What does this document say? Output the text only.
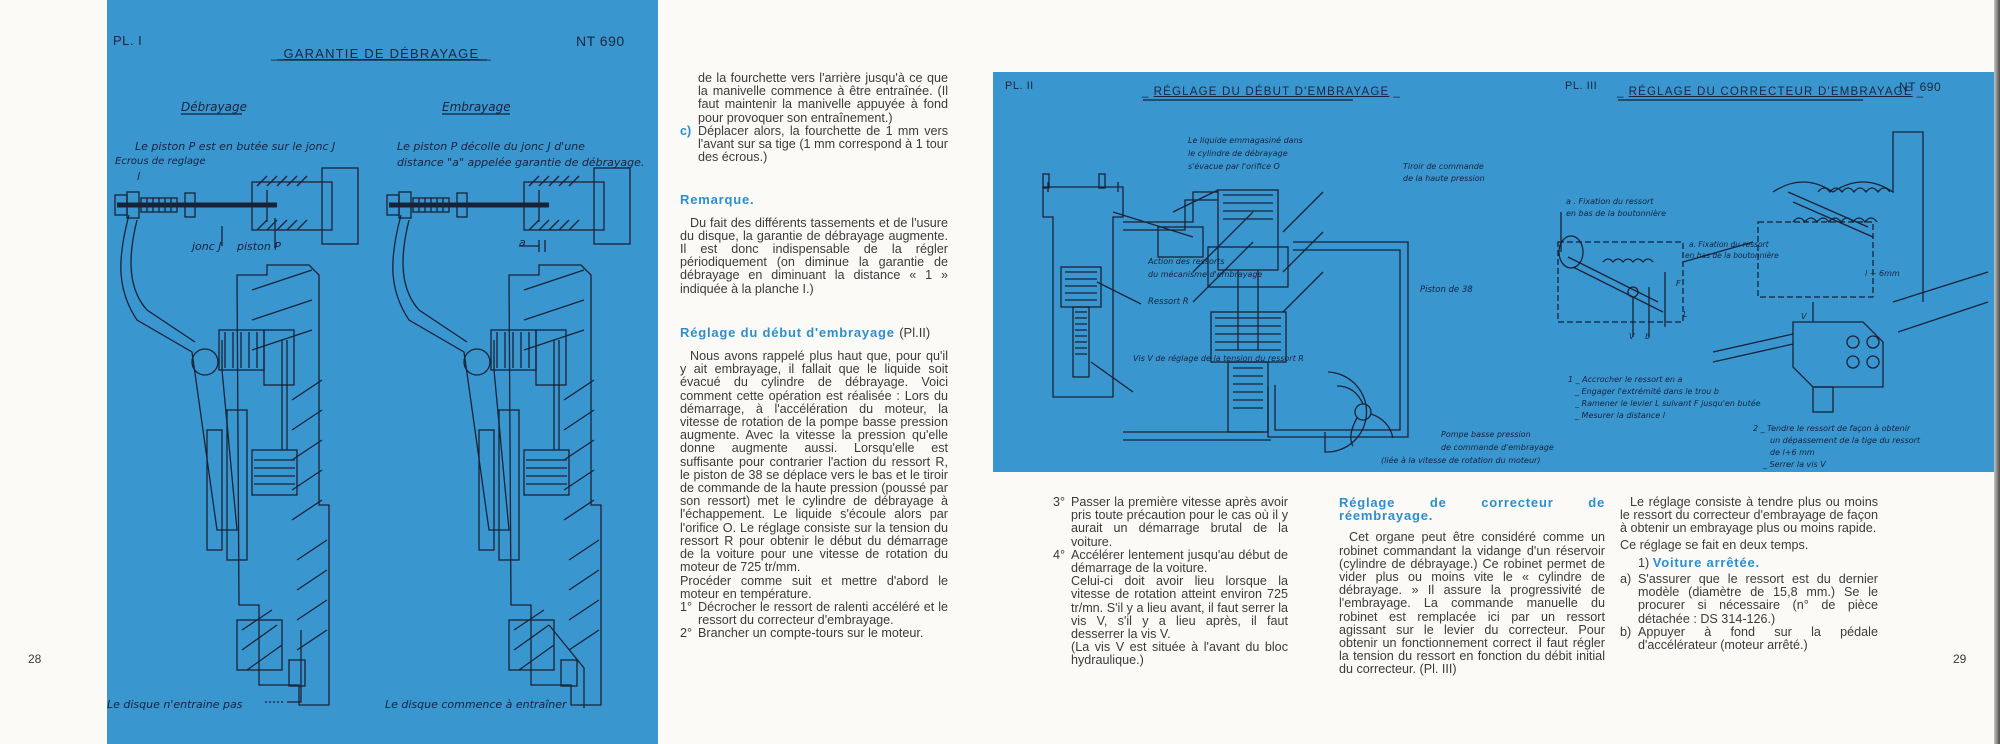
28
PL. I	NT 690
_ GARANTIE DE DÉBRAYAGE _
Débrayage	Embrayage
Le piston P est en butée sur le jonc J
Ecrous de reglage
l
jonc J piston P
Le piston P décolle du jonc J d'une
distance "a" appelée garantie de débrayage.
a
Le disque n'entraine pas	Le disque commence à entraîner

de la fourchette vers l'arrière jusqu'à ce que la manivelle commence à être entraînée. (Il faut maintenir la manivelle appuyée à fond pour provoquer son entraînement.)

c) Déplacer alors, la fourchette de 1 mm vers l'avant sur sa tige (1 mm correspond à 1 tour des écrous.)

Remarque.

Du fait des différents tassements et de l'usure du disque, la garantie de débrayage augmente. Il est donc indispensable de la régler périodiquement (on diminue la garantie de débrayage en diminuant la distance « 1 » indiquée à la planche I.)

Réglage du début d'embrayage (Pl.II)

Nous avons rappelé plus haut que, pour qu'il y ait embrayage, il fallait que le liquide soit évacué du cylindre de débrayage. Voici comment cette opération est réalisée : Lors du démarrage, à l'accélération du moteur, la vitesse de rotation de la pompe basse pression augmente. Avec la vitesse la pression qu'elle donne augmente aussi. Lorsqu'elle est suffisante pour contrarier l'action du ressort R, le piston de 38 se déplace vers le bas et le tiroir de commande de la haute pression (poussé par son ressort) met le cylindre de débrayage à l'échappement. Le liquide s'écoule alors par l'orifice O. Le réglage consiste sur la tension du ressort R pour obtenir le début du démarrage de la voiture pour une vitesse de rotation du moteur de 725 tr/mm.

Procéder comme suit et mettre d'abord le moteur en température.

1° Décrocher le ressort de ralenti accéléré et le ressort du correcteur d'embrayage.
2° Brancher un compte-tours sur le moteur.
PL. II	_ RÉGLAGE DU DÉBUT D'EMBRAYAGE _
Le liquide emmagasiné dans
le cylindre de débrayage
s'évacue par l'orifice O	Tiroir de commande
de la haute pression
Action des ressorts
du mécanisme d'embrayage
Ressort R
Piston de 38
Vis V de réglage de la tension du ressort R
Pompe basse pression
de commande d'embrayage
(liée à la vitesse de rotation du moteur)
PL. III	NT 690
_ RÉGLAGE DU CORRECTEUR D'EMBRAYAGE _
a . Fixation du ressort
en bas de la boutonnière
a. Fixation du ressort
en bas de la boutonnière
l + 6mm
F
L
V b
V
1 _ Accrocher le ressort en a
_ Engager l'extrémité dans le trou b
_ Ramener le levier L suivant F jusqu'en butée
_ Mesurer la distance l
2 _ Tendre le ressort de façon à obtenir
un dépassement de la tige du ressort
de l+6 mm
_ Serrer la vis V
3° Passer la première vitesse après avoir pris toute précaution pour le cas où il y aurait un démarrage brutal de la voiture.
4° Accélérer lentement jusqu'au début de démarrage de la voiture.

Celui-ci doit avoir lieu lorsque la vitesse de rotation atteint environ 725 tr/mn. S'il y a lieu avant, il faut serrer la vis V, s'il y a lieu après, il faut desserrer la vis V.

(La vis V est située à l'avant du bloc hydraulique.)

Réglage de correcteur de réembrayage.

Cet organe peut être considéré comme un robinet commandant la vidange d'un réservoir (cylindre de débrayage.) Ce robinet permet de vider plus ou moins vite le « cylindre de débrayage. » Il assure la progressivité de l'embrayage. La commande manuelle du robinet est remplacée ici par un ressort agissant sur le levier du correcteur. Pour obtenir un fonctionnement correct il faut régler la tension du ressort en fonction du débit initial du correcteur. (Pl. III)

Le réglage consiste à tendre plus ou moins le ressort du correcteur d'embrayage de façon à obtenir un embrayage plus ou moins rapide.

Ce réglage se fait en deux temps.

1) Voiture arrêtée.

a) S'assurer que le ressort est du dernier modèle (diamètre de 15,8 mm.) Se le procurer si nécessaire (n° de pièce détachée : DS 314-126.)
b) Appuyer à fond sur la pédale d'accélérateur (moteur arrêté.)
29
